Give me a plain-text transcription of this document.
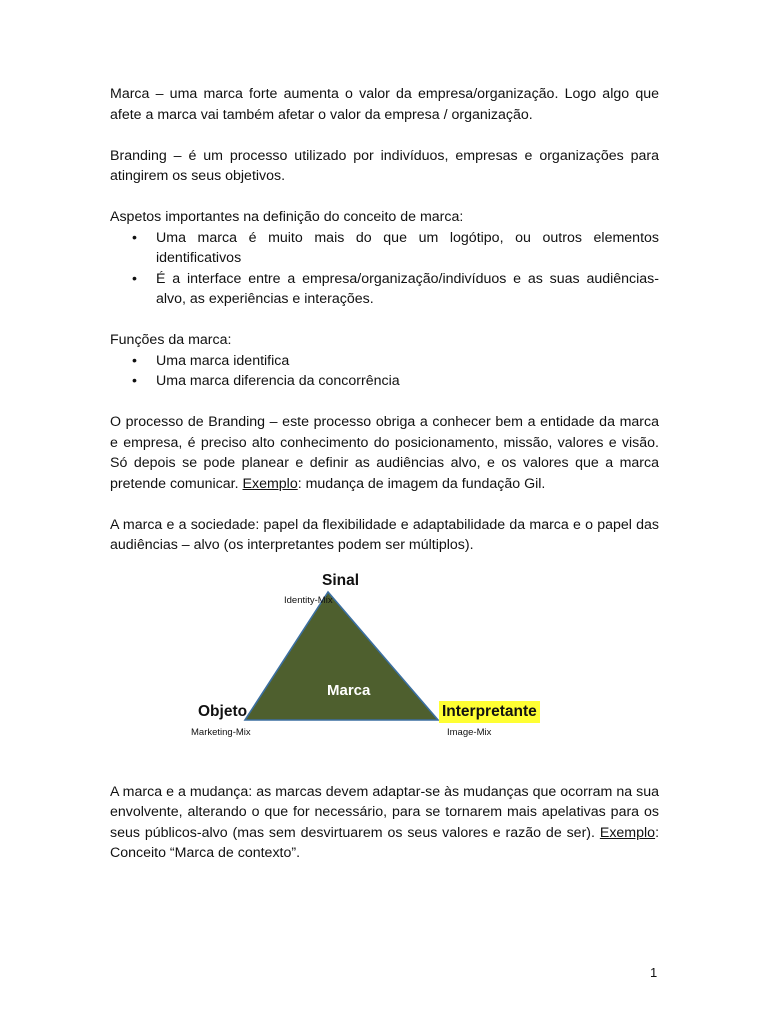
Marca – uma marca forte aumenta o valor da empresa/organização. Logo algo que afete a marca vai também afetar o valor da empresa / organização.

Branding – é um processo utilizado por indivíduos, empresas e organizações para atingirem os seus objetivos.

Aspetos importantes na definição do conceito de marca:

• Uma marca é muito mais do que um logótipo, ou outros elementos identificativos
• É a interface entre a empresa/organização/indivíduos e as suas audiências-alvo, as experiências e interações.

Funções da marca:

• Uma marca identifica
• Uma marca diferencia da concorrência

O processo de Branding – este processo obriga a conhecer bem a entidade da marca e empresa, é preciso alto conhecimento do posicionamento, missão, valores e visão. Só depois se pode planear e definir as audiências alvo, e os valores que a marca pretende comunicar. Exemplo: mudança de imagem da fundação Gil.

A marca e a sociedade: papel da flexibilidade e adaptabilidade da marca e o papel das audiências – alvo (os interpretantes podem ser múltiplos).

Sinal
Identity-Mix
Marca
Objeto
Marketing-Mix
Interpretante
Image-Mix

A marca e a mudança: as marcas devem adaptar-se às mudanças que ocorram na sua envolvente, alterando o que for necessário, para se tornarem mais apelativas para os seus públicos-alvo (mas sem desvirtuarem os seus valores e razão de ser). Exemplo: Conceito “Marca de contexto”.

1
